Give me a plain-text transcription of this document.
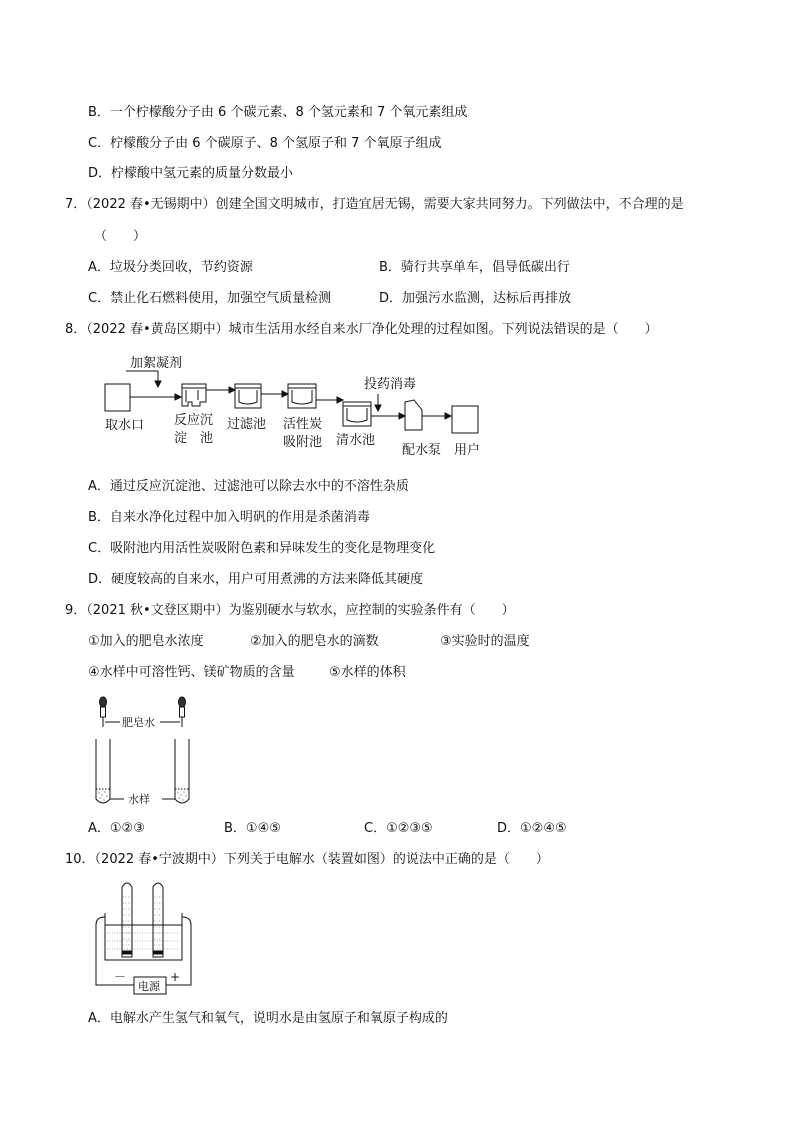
B．一个柠檬酸分子由 6 个碳元素、8 个氢元素和 7 个氧元素组成
C．柠檬酸分子由 6 个碳原子、8 个氢原子和 7 个氧原子组成
D．柠檬酸中氢元素的质量分数最小
7．（2022 春•无锡期中）创建全国文明城市，打造宜居无锡，需要大家共同努力。下列做法中，不合理的是
（　　）
A．垃圾分类回收，节约资源	B．骑行共享单车，倡导低碳出行
C．禁止化石燃料使用，加强空气质量检测	D．加强污水监测，达标后再排放
8．（2022 春•黄岛区期中）城市生活用水经自来水厂净化处理的过程如图。下列说法错误的是（　　）
加絮凝剂
取水口 反应沉
淀　池
过滤池 活性炭
吸附池 清水池
投药消毒
配水泵 用户
A．通过反应沉淀池、过滤池可以除去水中的不溶性杂质
B．自来水净化过程中加入明矾的作用是杀菌消毒
C．吸附池内用活性炭吸附色素和异味发生的变化是物理变化
D．硬度较高的自来水，用户可用煮沸的方法来降低其硬度
9．（2021 秋•文登区期中）为鉴别硬水与软水，应控制的实验条件有（　　）
①加入的肥皂水浓度	②加入的肥皂水的滴数	③实验时的温度
④水样中可溶性钙、镁矿物质的含量	⑤水样的体积
肥皂水
水样
A．①②③	B．①④⑤	C．①②③⑤	D．①②④⑤
10．（2022 春•宁波期中）下列关于电解水（装置如图）的说法中正确的是（　　）
－	+
电源
A．电解水产生氢气和氧气，说明水是由氢原子和氧原子构成的
